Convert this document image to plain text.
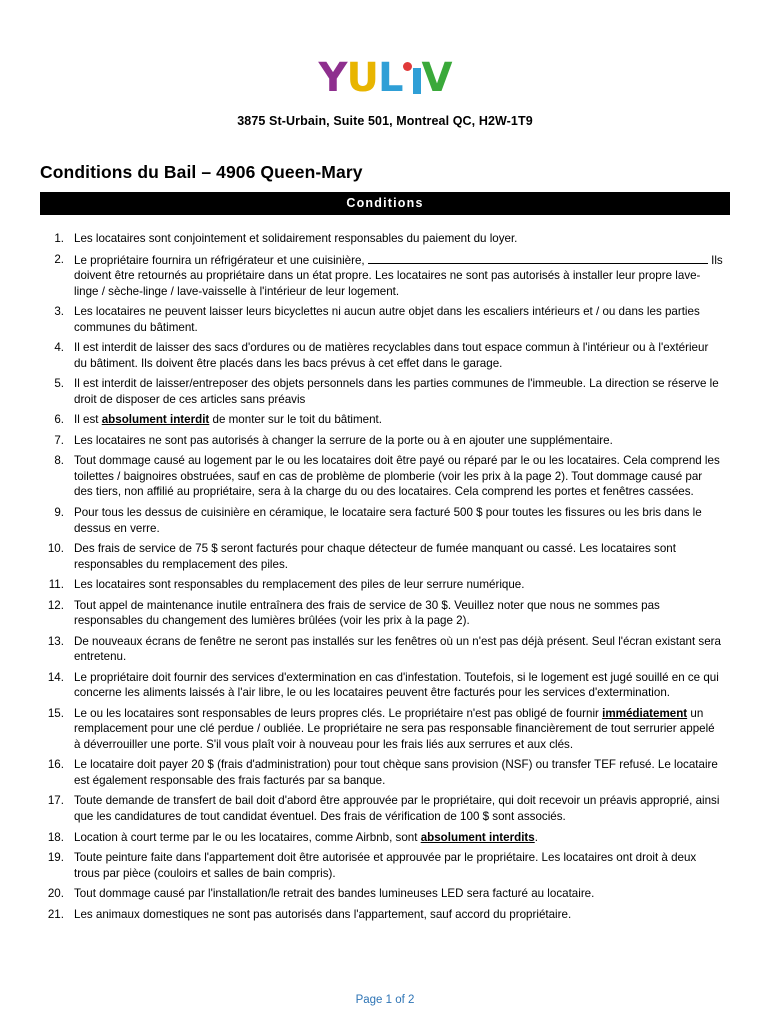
YUL V
3875 St-Urbain, Suite 501, Montreal QC, H2W-1T9
Conditions du Bail – 4906 Queen-Mary
Conditions
Les locataires sont conjointement et solidairement responsables du paiement du loyer.
Le propriétaire fournira un réfrigérateur et une cuisinière,	Ils doivent être retournés au propriétaire dans un état propre. Les locataires ne sont pas autorisés à installer leur propre lave-linge / sèche-linge / lave-vaisselle à l'intérieur de leur logement.
Les locataires ne peuvent laisser leurs bicyclettes ni aucun autre objet dans les escaliers intérieurs et / ou dans les parties communes du bâtiment.
Il est interdit de laisser des sacs d'ordures ou de matières recyclables dans tout espace commun à l'intérieur ou à l'extérieur du bâtiment. Ils doivent être placés dans les bacs prévus à cet effet dans le garage.
Il est interdit de laisser/entreposer des objets personnels dans les parties communes de l'immeuble. La direction se réserve le droit de disposer de ces articles sans préavis
Il est absolument interdit de monter sur le toit du bâtiment.
Les locataires ne sont pas autorisés à changer la serrure de la porte ou à en ajouter une supplémentaire.
Tout dommage causé au logement par le ou les locataires doit être payé ou réparé par le ou les locataires. Cela comprend les toilettes / baignoires obstruées, sauf en cas de problème de plomberie (voir les prix à la page 2). Tout dommage causé par des tiers, non affilié au propriétaire, sera à la charge du ou des locataires. Cela comprend les portes et fenêtres cassées.
Pour tous les dessus de cuisinière en céramique, le locataire sera facturé 500 $ pour toutes les fissures ou les bris dans le dessus en verre.
Des frais de service de 75 $ seront facturés pour chaque détecteur de fumée manquant ou cassé. Les locataires sont responsables du remplacement des piles.
Les locataires sont responsables du remplacement des piles de leur serrure numérique.
Tout appel de maintenance inutile entraînera des frais de service de 30 $. Veuillez noter que nous ne sommes pas responsables du changement des lumières brûlées (voir les prix à la page 2).
De nouveaux écrans de fenêtre ne seront pas installés sur les fenêtres où un n'est pas déjà présent. Seul l'écran existant sera entretenu.
Le propriétaire doit fournir des services d'extermination en cas d'infestation. Toutefois, si le logement est jugé souillé en ce qui concerne les aliments laissés à l'air libre, le ou les locataires peuvent être facturés pour les services d'extermination.
Le ou les locataires sont responsables de leurs propres clés. Le propriétaire n'est pas obligé de fournir immédiatement un remplacement pour une clé perdue / oubliée. Le propriétaire ne sera pas responsable financièrement de tout serrurier appelé à déverrouiller une porte. S'il vous plaît voir à nouveau pour les frais liés aux serrures et aux clés.
Le locataire doit payer 20 $ (frais d'administration) pour tout chèque sans provision (NSF) ou transfer TEF refusé. Le locataire est également responsable des frais facturés par sa banque.
Toute demande de transfert de bail doit d'abord être approuvée par le propriétaire, qui doit recevoir un préavis approprié, ainsi que les candidatures de tout candidat éventuel. Des frais de vérification de 100 $ sont associés.
Location à court terme par le ou les locataires, comme Airbnb, sont absolument interdits.
Toute peinture faite dans l'appartement doit être autorisée et approuvée par le propriétaire. Les locataires ont droit à deux trous par pièce (couloirs et salles de bain compris).
Tout dommage causé par l'installation/le retrait des bandes lumineuses LED sera facturé au locataire.
Les animaux domestiques ne sont pas autorisés dans l'appartement, sauf accord du propriétaire.
Page 1 of 2
